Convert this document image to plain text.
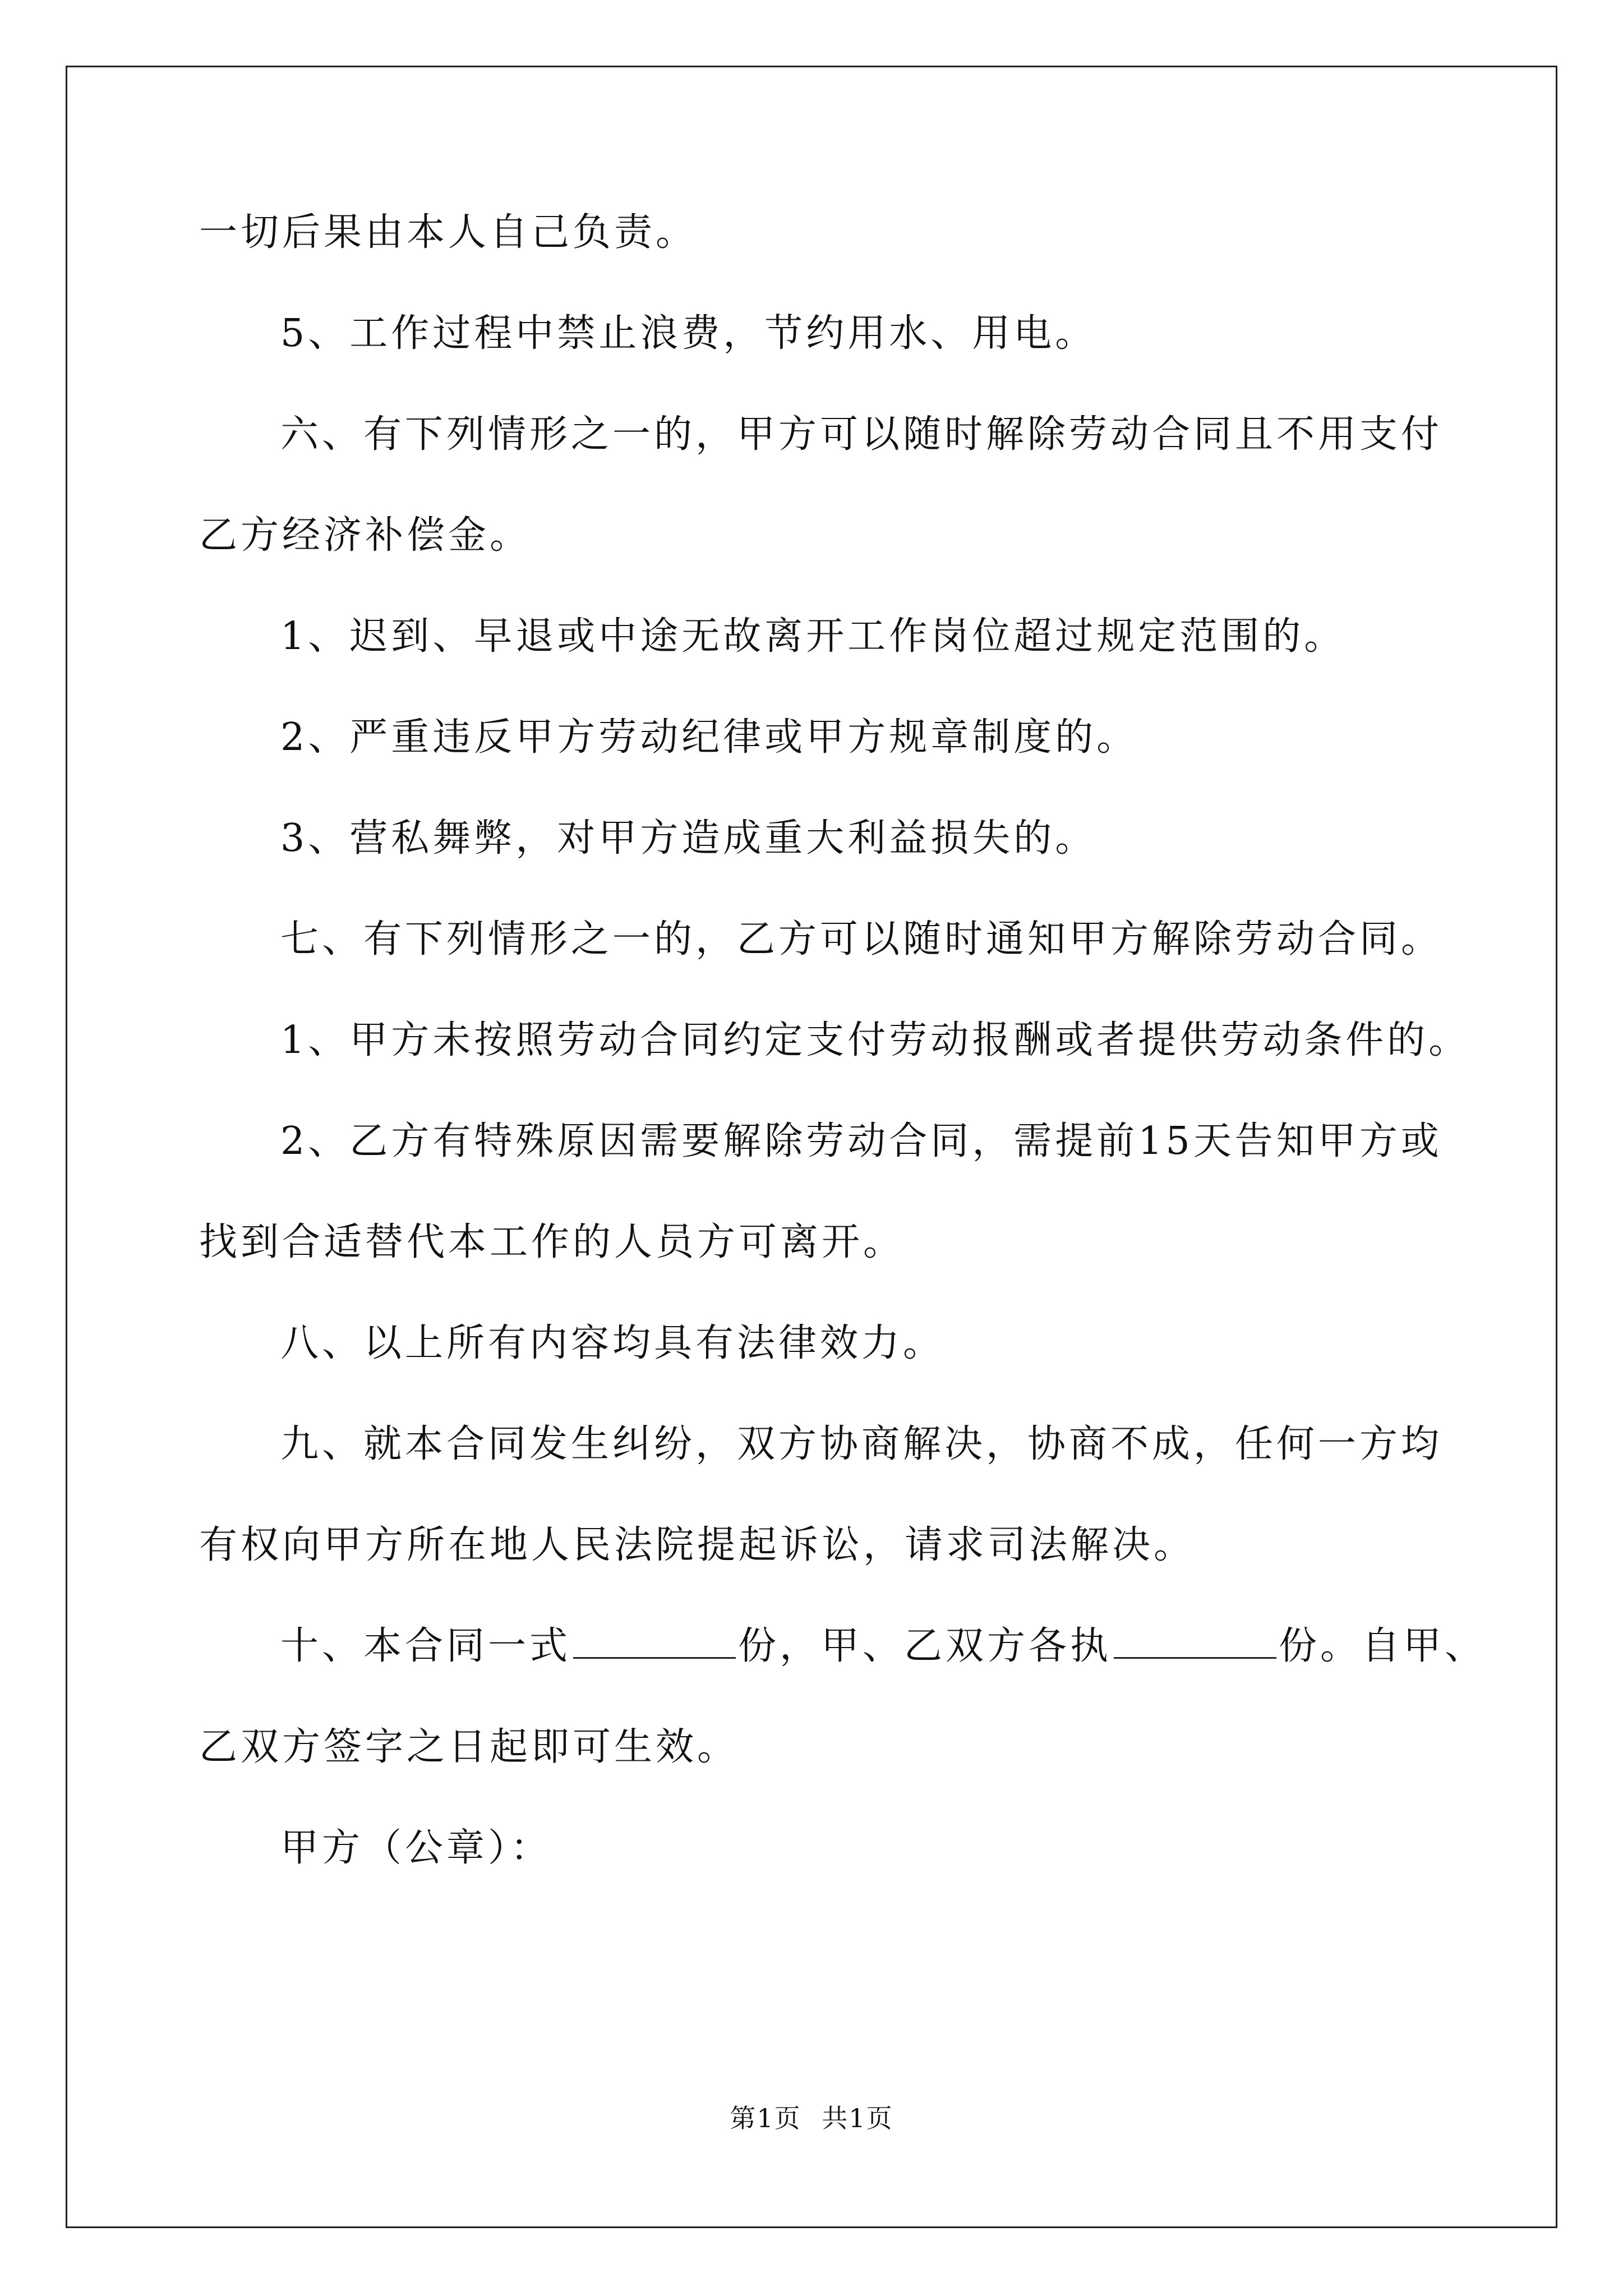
一切后果由本人自己负责。
5、工作过程中禁止浪费，节约用水、用电。
六、有下列情形之一的，甲方可以随时解除劳动合同且不用支付
乙方经济补偿金。
1、迟到、早退或中途无故离开工作岗位超过规定范围的。
2、严重违反甲方劳动纪律或甲方规章制度的。
3、营私舞弊，对甲方造成重大利益损失的。
七、有下列情形之一的，乙方可以随时通知甲方解除劳动合同。
1、甲方未按照劳动合同约定支付劳动报酬或者提供劳动条件的。
2、乙方有特殊原因需要解除劳动合同，需提前15天告知甲方或
找到合适替代本工作的人员方可离开。
八、以上所有内容均具有法律效力。
九、就本合同发生纠纷，双方协商解决，协商不成，任何一方均
有权向甲方所在地人民法院提起诉讼，请求司法解决。
十、本合同一式	份，甲、乙双方各执	份。自甲、
乙双方签字之日起即可生效。
甲方（公章）：
第1页 共1页
